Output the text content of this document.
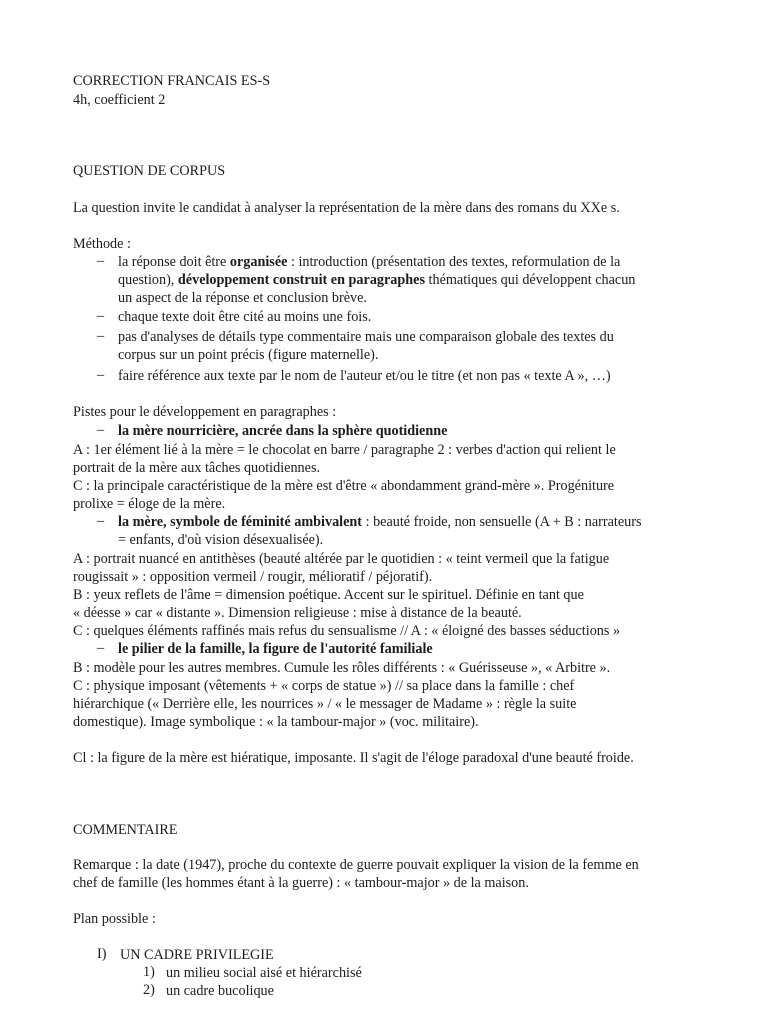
CORRECTION FRANCAIS ES-S
4h, coefficient 2
QUESTION DE CORPUS
La question invite le candidat à analyser la représentation de la mère dans des romans du XXe s.
Méthode :
– la réponse doit être organisée : introduction (présentation des textes, reformulation de la
question), développement construit en paragraphes thématiques qui développent chacun
un aspect de la réponse et conclusion brève.
– chaque texte doit être cité au moins une fois.
– pas d'analyses de détails type commentaire mais une comparaison globale des textes du
corpus sur un point précis (figure maternelle).
– faire référence aux texte par le nom de l'auteur et/ou le titre (et non pas « texte A », …)
Pistes pour le développement en paragraphes :
– la mère nourricière, ancrée dans la sphère quotidienne
A : 1er élément lié à la mère = le chocolat en barre / paragraphe 2 : verbes d'action qui relient le
portrait de la mère aux tâches quotidiennes.
C : la principale caractéristique de la mère est d'être « abondamment grand-mère ». Progéniture
prolixe = éloge de la mère.
– la mère, symbole de féminité ambivalent : beauté froide, non sensuelle (A + B : narrateurs
= enfants, d'où vision désexualisée).
A : portrait nuancé en antithèses (beauté altérée par le quotidien : « teint vermeil que la fatigue
rougissait » : opposition vermeil / rougir, mélioratif / péjoratif).
B : yeux reflets de l'âme = dimension poétique. Accent sur le spirituel. Définie en tant que
« déesse » car « distante ». Dimension religieuse : mise à distance de la beauté.
C : quelques éléments raffinés mais refus du sensualisme // A : « éloigné des basses séductions »
– le pilier de la famille, la figure de l'autorité familiale
B : modèle pour les autres membres. Cumule les rôles différents : « Guérisseuse », « Arbitre ».
C : physique imposant (vêtements + « corps de statue ») // sa place dans la famille : chef
hiérarchique (« Derrière elle, les nourrices » / « le messager de Madame » : règle la suite
domestique). Image symbolique : « la tambour-major » (voc. militaire).
Cl : la figure de la mère est hiératique, imposante. Il s'agit de l'éloge paradoxal d'une beauté froide.
COMMENTAIRE
Remarque : la date (1947), proche du contexte de guerre pouvait expliquer la vision de la femme en
chef de famille (les hommes étant à la guerre) : « tambour-major » de la maison.
Plan possible :
I) UN CADRE PRIVILEGIE
1) un milieu social aisé et hiérarchisé
2) un cadre bucolique
